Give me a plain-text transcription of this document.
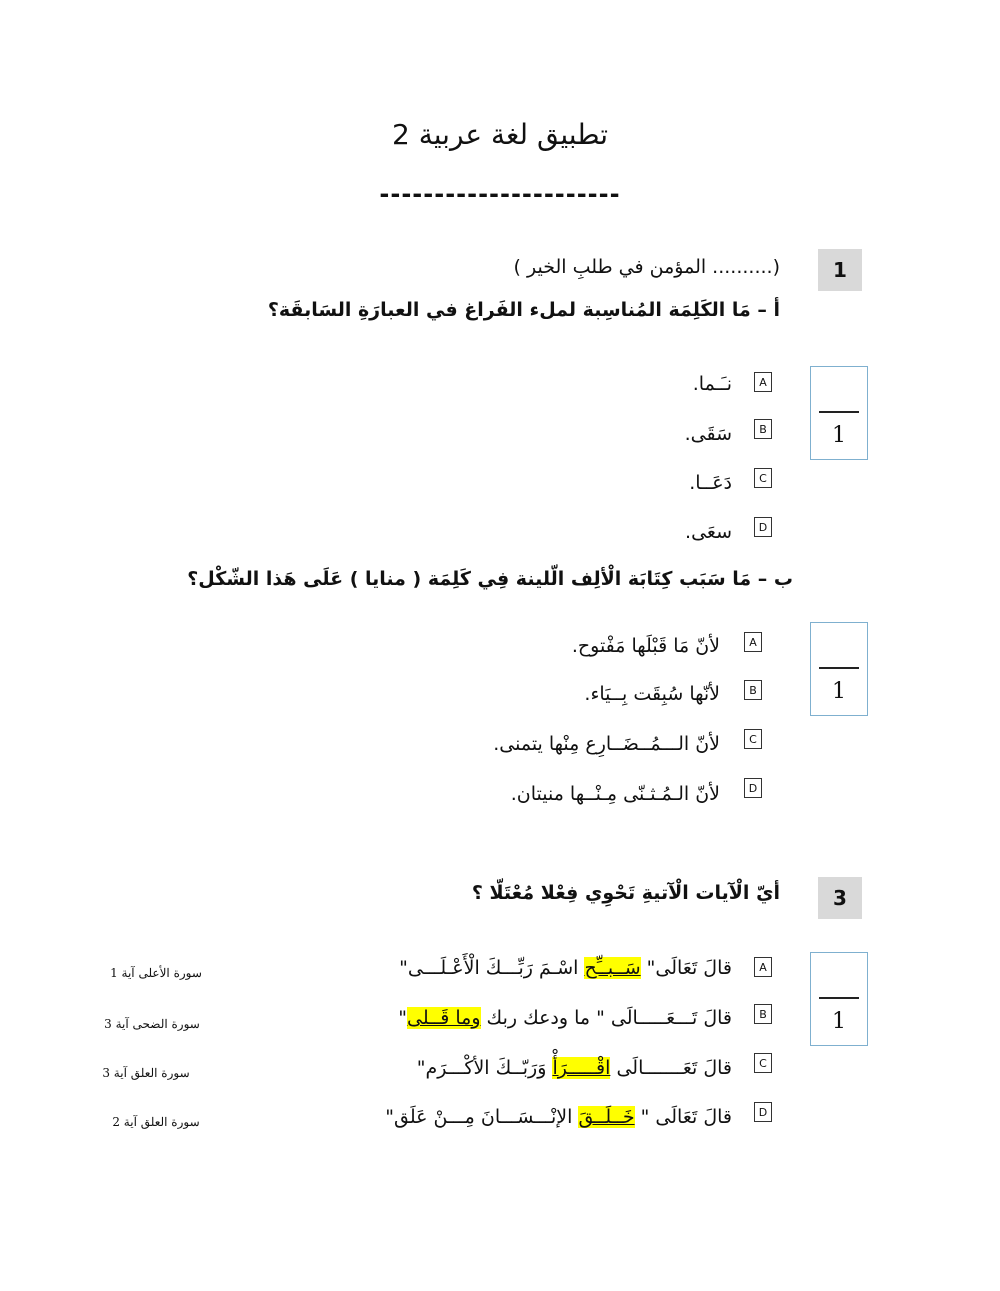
تطبيق لغة عربية 2
----------------------
1
(.......... المؤمن في طلبِ الخير )
أ – مَا الكَلِمَة المُناسِبة لملء الفَراغ في العبارَةِ السَابقَة؟
A
نـَـما.
B
سَقَى.
C
دَعَــا.
D
سعَى.
1
ب – مَا سَبَب كِتَابَة الْألِف الّلينة فِي كَلِمَة ( منايا ) عَلَى هَذا الشّكْل؟
A
لأنّ مَا قَبْلَها مَفْتوح.
B
لأنّها سُبِقَت بِــيَاء.
C
لأنّ الـــمُــضَــارِع مِنْها يتمنى.
D
لأنّ الـمُـثـنّى مِـنْــها منيتان.
1
3
أيّ الْآيات الْآتيةِ تَحْوِي فِعْلا مُعْتَلّا ؟
A
قالَ تَعَالَى" سَــبــِّح اسْـمَ رَبِّـــكَ الْأَعْـلَـــى"
سورة الأعلى آية 1
B
قالَ تَـــعَـــــالَى " ما ودعك ربك وما قَــلى"
سورة الضحى آية 3
C
قالَ تَعَـــــــالَى اقْـــــرَأْ وَرَبّــكَ الأكْـــرَم"
سورة العلق آية 3
D
قالَ تَعَالَى " خَــلَــقَ الإنْـــسَـــانَ مِـــنْ عَلَق"
سورة العلق آية 2
1
